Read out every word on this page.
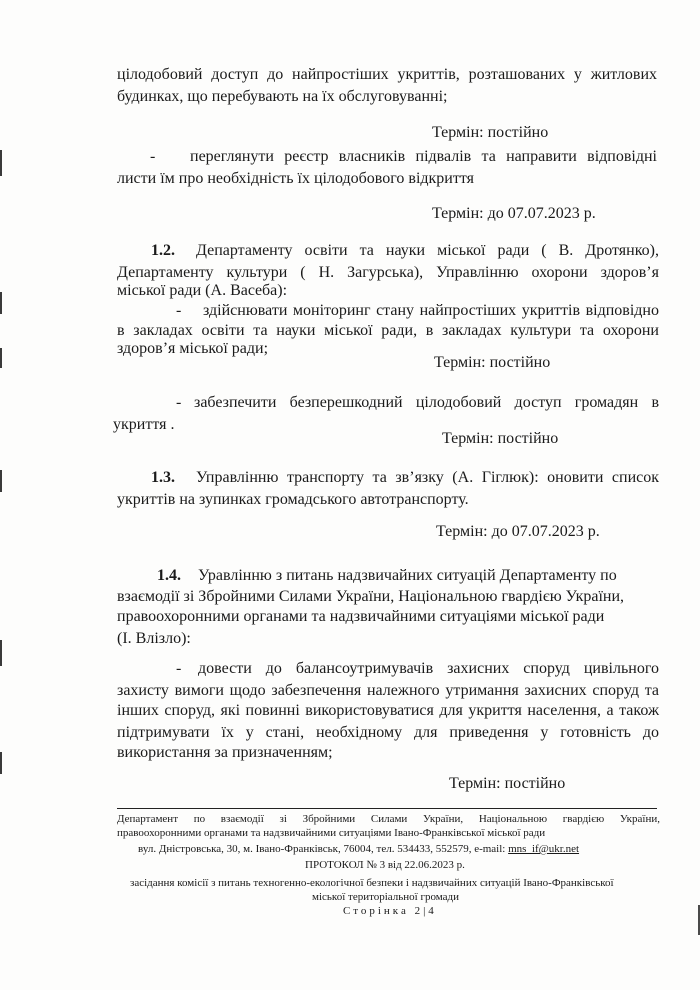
цілодобовий доступ до найпростіших укриттів, розташованих у житлових
будинках, що перебувають на їх обслуговуванні;
Термін: постійно
- переглянути реєстр власників підвалів та направити відповідні
листи їм про необхідність їх цілодобового відкриття
Термін: до 07.07.2023 р.
1.2. Департаменту освіти та науки міської ради ( В. Дротянко),
Департаменту культури ( Н. Загурська), Управлінню охорони здоров’я
міської ради (А. Ваceба):
- здійснювати моніторинг стану найпростіших укриттів відповідно
в закладах освіти та науки міської ради, в закладах культури та охорони
здоров’я міської ради;
Термін: постійно
- забезпечити безперешкодний цілодобовий доступ громадян в
укриття .
Термін: постійно
1.3. Управлінню транспорту та зв’язку (А. Гіглюк): оновити список
укриттів на зупинках громадського автотранспорту.
Термін: до 07.07.2023 р.
1.4. Уравлінню з питань надзвичайних ситуацій Департаменту по
взаємодії зі Збройними Силами України, Національною гвардією України,
правоохоронними органами та надзвичайними ситуаціями міської ради
(І. Влізло):
- довести до балансоутримувачів захисних споруд цивільного
захисту вимоги щодо забезпечення належного утримання захисних споруд та
інших споруд, які повинні використовуватися для укриття населення, а також
підтримувати їх у стані, необхідному для приведення у готовність до
використання за призначенням;
Термін: постійно
Департамент по взаємодії зі Збройними Силами України, Національною гвардією України,
правоохоронними органами та надзвичайними ситуаціями Івано-Франківської міської ради
вул. Дністровська, 30, м. Івано-Франківськ, 76004, тел. 534433, 552579, e-mail: mns_if@ukr.net
ПРОТОКОЛ № 3 від 22.06.2023 р.
засідання комісії з питань техногенно-екологічної безпеки і надзвичайних ситуацій Івано-Франківської
міської територіальної громади
Сторінка 2|4
